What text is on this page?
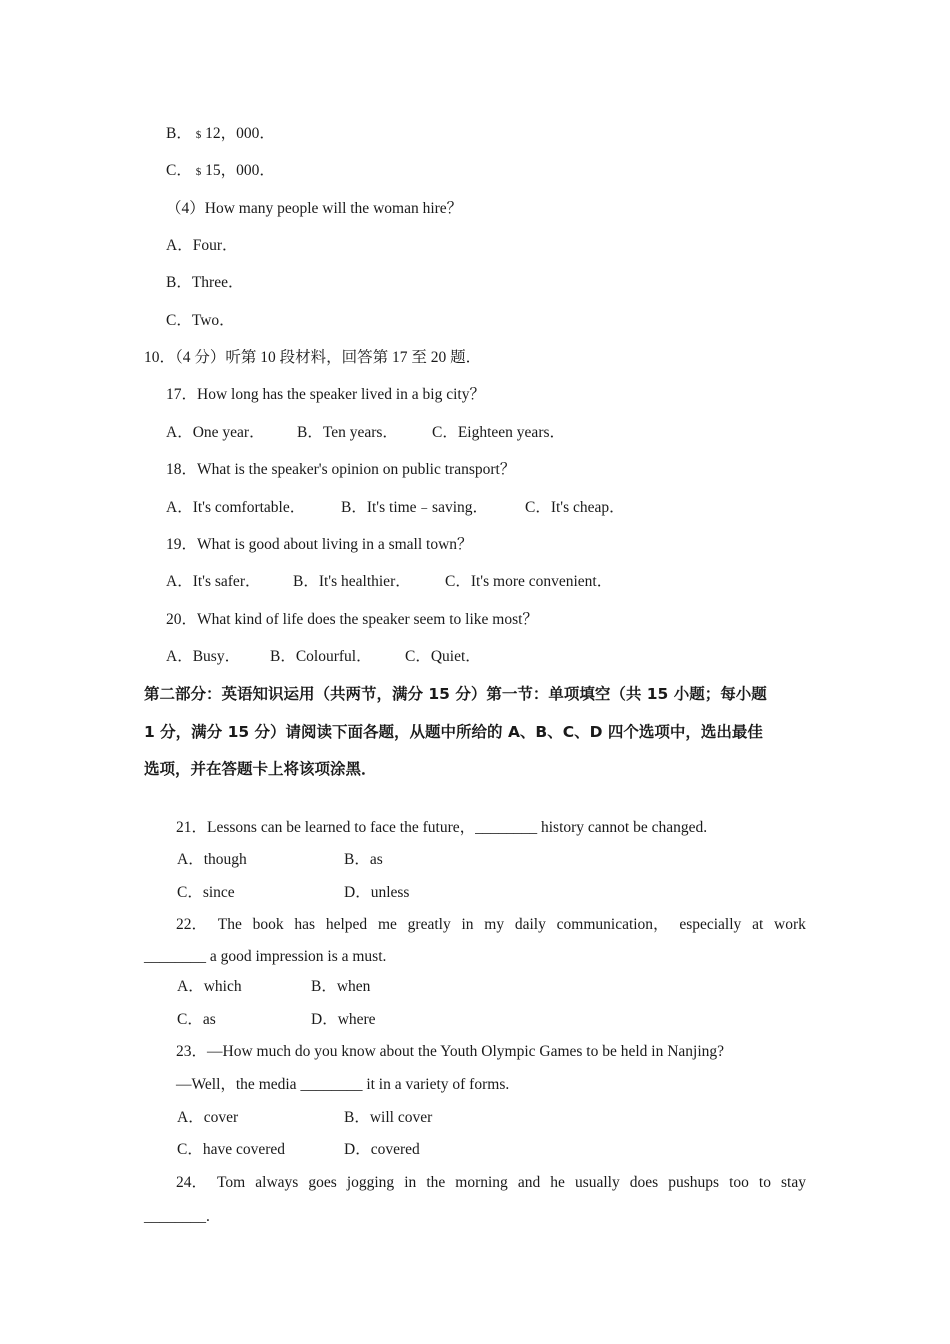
B． $ 12，000．
C． $ 15，000．
（4）How many people will the woman hire？
A．Four．
B．Three．
C．Two．
10．（4 分）听第 10 段材料，回答第 17 至 20 题．
17．How long has the speaker lived in a big city？
A．One year． B．Ten years． C．Eighteen years．
18．What is the speaker's opinion on public transport？
A．It's comfortable． B．It's time﹣saving． C．It's cheap．
19．What is good about living in a small town？
A．It's safer． B．It's healthier． C．It's more convenient．
20．What kind of life does the speaker seem to like most？
A．Busy． B．Colourful． C．Quiet．
第二部分：英语知识运用（共两节，满分 15 分）第一节：单项填空（共 15 小题；每小题
1 分，满分 15 分）请阅读下面各题，从题中所给的 A、B、C、D 四个选项中，选出最佳
选项，并在答题卡上将该项涂黑．
21．Lessons can be learned to face the future，________ history cannot be changed.
A．though	B．as
C．since	D．unless
22． The book has helped me greatly in my daily communication， especially at work
________ a good impression is a must.
A．which	B．when
C．as	D．where
23．—How much do you know about the Youth Olympic Games to be held in Nanjing?
—Well，the media ________ it in a variety of forms.
A．cover	B．will cover
C．have covered	D．covered
24． Tom always goes jogging in the morning and he usually does pushups too to stay
________.
